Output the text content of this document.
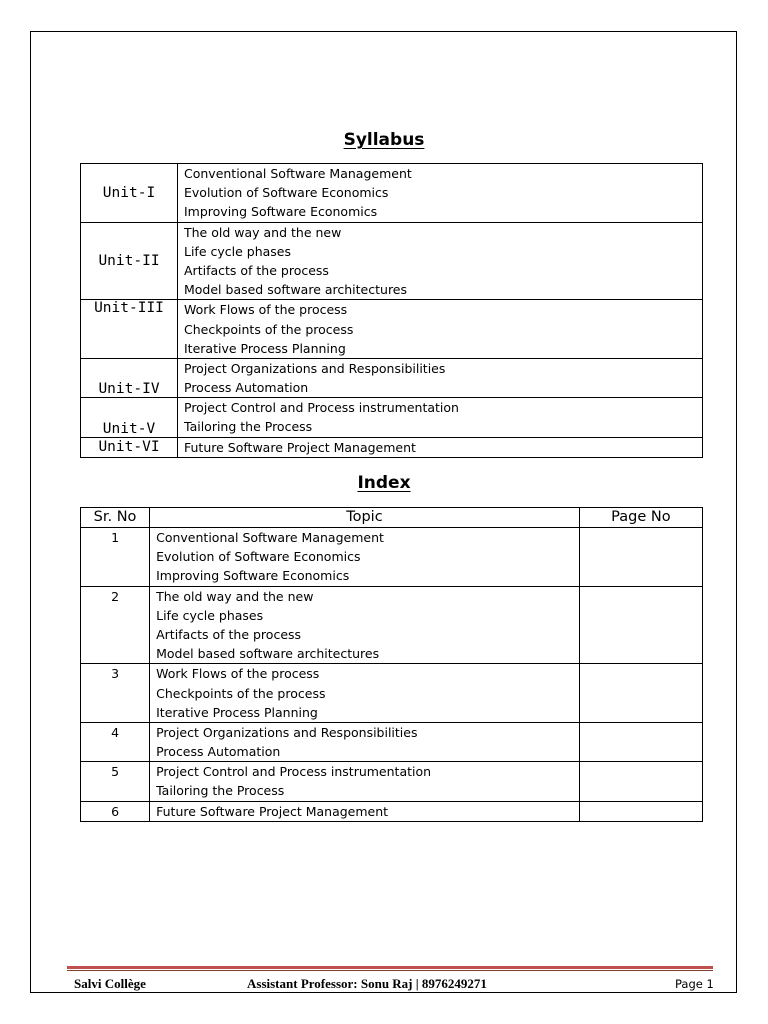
Syllabus
Unit-I	Conventional Software Management
Evolution of Software Economics
Improving Software Economics

Unit-II	The old way and the new
Life cycle phases
Artifacts of the process
Model based software architectures

Unit-III	Work Flows of the process
Checkpoints of the process
Iterative Process Planning

Unit-IV	Project Organizations and Responsibilities
Process Automation

Unit-V	Project Control and Process instrumentation
Tailoring the Process

Unit-VI	Future Software Project Management
Index
Sr. No	Topic	Page No
1	Conventional Software Management
Evolution of Software Economics
Improving Software Economics	

2	The old way and the new
Life cycle phases
Artifacts of the process
Model based software architectures	

3	Work Flows of the process
Checkpoints of the process
Iterative Process Planning	

4	Project Organizations and Responsibilities
Process Automation	

5	Project Control and Process instrumentation
Tailoring the Process	

6	Future Software Project Management	

Salvi Collège	Assistant Professor: Sonu Raj | 8976249271	Page 1
